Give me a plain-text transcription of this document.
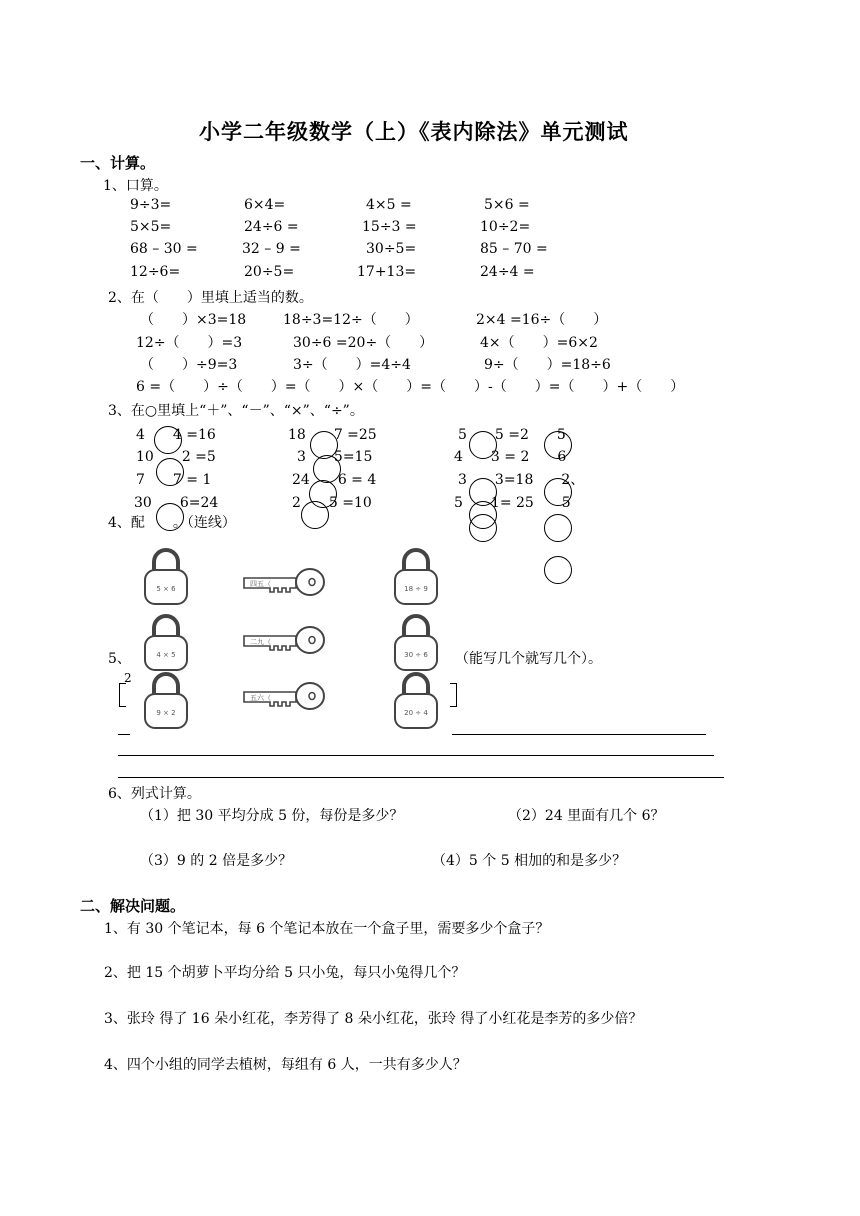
小学二年级数学（上）《表内除法》单元测试
一、计算。
1、口算。
9÷3=	6×4=	4×5 =	5×6 =
5×5=	24÷6 =	15÷3 =	10÷2=
68 – 30 =	32 – 9 =	30÷5=	85 – 70 =
12÷6=	20÷5=	17+13=	24÷4 =
2、在（　　）里填上适当的数。
（　　）×3=18	18÷3=12÷（　　）	2×4 =16÷（　　）
12÷（　　）=3	30÷6 =20÷（　　）	4×（　　）=6×2
（　　）÷9=3	3÷（　　）=4÷4	9÷（　　）=18÷6
6 =（　　）÷（　　）=（　　）×（　　）=（　　）-（　　）=（　　）+（　　）
3、在○里填上“＋”、“－”、“×”、“÷”。
4　　4 =16	18　　7 =25	5　　5 =2　　5
10　　2 =5	3　　5=15	4　　3 = 2　　6
7　　7 = 1	24　　6 = 4	3　　3=18　　2、
30　　6=24	2　　5 =10	5　　1= 25　　5
4、配　　。（连线）
5 × 6
四五（
18 ÷ 9
4 × 5
二九（
30 ÷ 6
9 × 2
五六（
20 ÷ 4
5、	（能写几个就写几个）。
2
6、列式计算。
（1）把 30 平均分成 5 份，每份是多少？	（2）24 里面有几个 6？
（3）9 的 2 倍是多少？	（4）5 个 5 相加的和是多少？
二、解决问题。
1、有 30 个笔记本，每 6 个笔记本放在一个盒子里，需要多少个盒子？
2、把 15 个胡萝卜平均分给 5 只小兔，每只小兔得几个？
3、张玲 得了 16 朵小红花，李芳得了 8 朵小红花，张玲 得了小红花是李芳的多少倍？
4、四个小组的同学去植树，每组有 6 人，一共有多少人？
